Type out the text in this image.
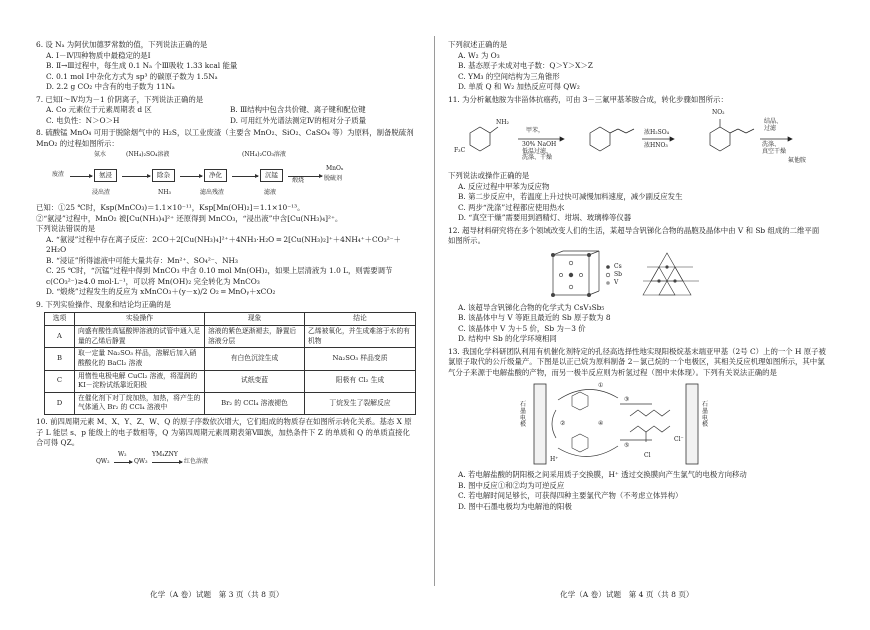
6. 设 Nₐ 为阿伏加德罗常数的值，下列说法正确的是
A. Ⅰ－Ⅳ四种物质中最稳定的是Ⅰ
B. Ⅱ→Ⅲ过程中，每生成 0.1 Nₐ 个Ⅲ吸收 1.33 kcal 能量
C. 0.1 mol Ⅰ中杂化方式为 sp³ 的碳原子数为 1.5Nₐ
D. 2.2 g CO₂ 中含有的电子数为 11Nₐ
7. 已知Ⅰ～Ⅳ均为－1 价阴离子，下列说法正确的是
A. Co 元素位于元素周期表 d 区	B. Ⅲ结构中包含共价键、离子键和配位键
C. 电负性：N＞O＞H	D. 可用红外光谱法测定Ⅳ的相对分子质量
8. 硫酸锰 MnO₄ 可用于脱除烟气中的 H₂S，以工业废渣（主要含 MnO₂、SiO₂、CaSO₄ 等）为原料，制备脱硫剂 MnO₂ 的过程如图所示：
废渣	氨浸	除杂	净化	沉锰
煅烧
MnOₓ
脱硫剂
氨水	(NH₄)₂SO₄溶液	(NH₄)₂CO₃溶液
浸出渣	NH₃	滤出残渣	滤液
已知：①25 ℃时，Ksp(MnCO₃)＝1.1×10⁻¹¹，Ksp[Mn(OH)₂]＝1.1×10⁻¹³。
②“氨浸”过程中，MnO₂ 被[Cu(NH₃)₄]²⁺ 还原得到 MnCO₃，“浸出液”中含[Cu(NH₃)₄]²⁺。
下列说法错误的是
A. “氨浸”过程中存在离子反应：2CO＋2[Cu(NH₃)₄]²⁺＋4NH₃·H₂O ═ 2[Cu(NH₃)₂]⁺＋4NH₄⁺＋CO₃²⁻＋2H₂O
B. “浸证”所得滤液中可能大量共存：Mn²⁺、SO₄²⁻、NH₃
C. 25 ℃时，“沉锰”过程中得到 MnCO₃ 中含 0.10 mol Mn(OH)₂，如果上层清液为 1.0 L，则需要调节 c(CO₃²⁻)≥4.0 mol·L⁻¹，可以将 Mn(OH)₂ 完全转化为 MnCO₃
D. “煅烧”过程发生的反应为 xMnCO₃＋(y－x)/2 O₂ ═ MnOᵧ＋xCO₂
9. 下列实验操作、现象和结论均正确的是
选项	实验操作	现象	结论
A	向盛有酸性高锰酸钾溶液的试管中通入足量的乙烯后静置	溶液的紫色逐渐褪去，静置后溶液分层	乙烯被氧化，并生成难溶于水的有机物
B	取一定量 Na₂SO₃ 样品，溶解后加入硝酸酸化的 BaCl₂ 溶液	有白色沉淀生成	Na₂SO₃ 样品变质
C	用惰性电极电解 CuCl₂ 溶液，将湿润的 KI－淀粉试纸靠近阳极	试纸变蓝	阳极有 Cl₂ 生成
D	在催化剂下对丁烷加热，加热，将产生的气体通入 Br₂ 的 CCl₄ 溶液中	Br₂ 的 CCl₄ 溶液褪色	丁烷发生了裂解反应
10. 前四周期元素 M、X、Y、Z、W、Q 的原子序数依次增大，它们组成的物质存在如图所示转化关系。基态 X 原子 L 能层 s、p 能级上的电子数相等，Q 为第四周期元素周期表第Ⅷ族，加热条件下 Z 的单质和 Q 的单质直接化合可得 QZ。
QW₂
W₂
QW₃
YM₄ZNY
红色溶液
化学（A 卷）试题　第 3 页（共 8 页）
下列叙述正确的是
A. W₂ 为 O₃
B. 基态原子未成对电子数：Q＞Y＞X＞Z
C. YM₃ 的空间结构为三角锥形
D. 单质 Q 和 W₂ 加热反应可得 QW₂
11. 为分析氟他胺为非甾体抗癌药，可由 3－三氟甲基苯胺合成，转化步骤如图所示：
F₃C
NH₂
NO₂
甲苯，
30% NaOH
低温过滤，
洗涤、干燥
浓H₂SO₄
浓HNO₃
结晶、
过滤
洗涤、
真空干燥
氟他胺
下列说法或操作正确的是
A. 反应过程中甲苯为反应物
B. 第二步反应中，若温度上升过快可减慢加料速度，减少副反应发生
C. 两步“洗涤”过程都应使用热水
D. “真空干燥”需要用到酒精灯、坩埚、玻璃棒等仪器
12. 超导材料研究将在多个领域改变人们的生活，某超导含钒锑化合物的晶胞及晶体中由 V 和 Sb 组成的二维平面如图所示。
Cs
Sb
V
A. 该超导含钒锑化合物的化学式为 CsV₃Sb₅
B. 该晶体中与 V 等距且最近的 Sb 原子数为 8
C. 该晶体中 V 为＋5 价，Sb 为－3 价
D. 结构中 Sb 的化学环境相同
13. 我国化学科研团队利用有机催化剂特定的孔径高选择性地实现阳极烷基末端亚甲基（2号 C）上的一个 H 原子被氯原子取代的公斤级量产。下图是以正己烷为原料制备 2－氯己烷的一个电极区，其相关反应机理如图所示，其中氯气分子来源于电解盐酸的产物，而另一极半反应则为析氢过程（图中未体现）。下列有关说法正确的是
石墨电极
石墨电极
H⁺
Cl
Cl⁻
①
②
③
④
⑤
A. 若电解盐酸的阴阳极之间采用质子交换膜，H⁺ 透过交换膜向产生氯气的电极方向移动
B. 图中反应①和②均为可逆反应
C. 若电解时间足够长，可获得四种主要氯代产物（不考虑立体异构）
D. 图中石墨电极均为电解池的阳极
化学（A 卷）试题　第 4 页（共 8 页）
